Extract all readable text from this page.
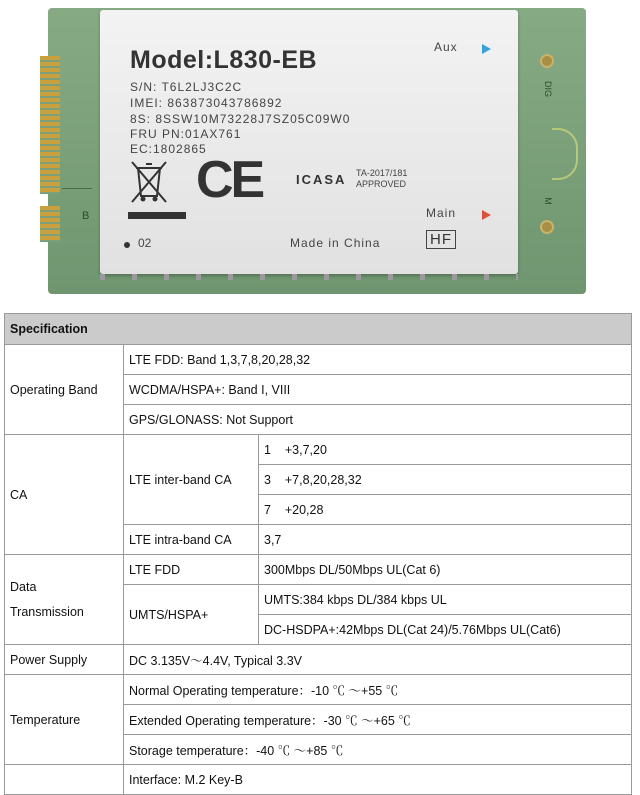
B
Model:L830-EB
S/N: T6L2LJ3C2C
IMEI: 863873043786892
8S: 8SSW10M73228J7SZ05C09W0
FRU PN:01AX761
EC:1802865
Aux
Main
CE	ICASA TA-2017/181
APPROVED
02	Made in China	HF
DIG
M
Specification		
Operating Band	LTE FDD: Band 1,3,7,8,20,28,32	
	WCDMA/HSPA+: Band I, VIII	
	GPS/GLONASS: Not Support	
CA	LTE inter-band CA	1    +3,7,20
		3    +7,8,20,28,32
		7    +20,28
	LTE intra-band CA	3,7

Data
Transmission	LTE FDD	300Mbps DL/50Mbps UL(Cat 6)
	UMTS/HSPA+	UMTS:384 kbps DL/384 kbps UL
		DC-HSDPA+:42Mbps DL(Cat 24)/5.76Mbps UL(Cat6)
Power Supply	DC 3.135V～4.4V, Typical 3.3V	
Temperature	Normal Operating temperature：-10 ℃ ～+55 ℃	
	Extended Operating temperature：-30 ℃ ～+65 ℃	
	Storage temperature：-40 ℃ ～+85 ℃	
	Interface: M.2 Key-B	
